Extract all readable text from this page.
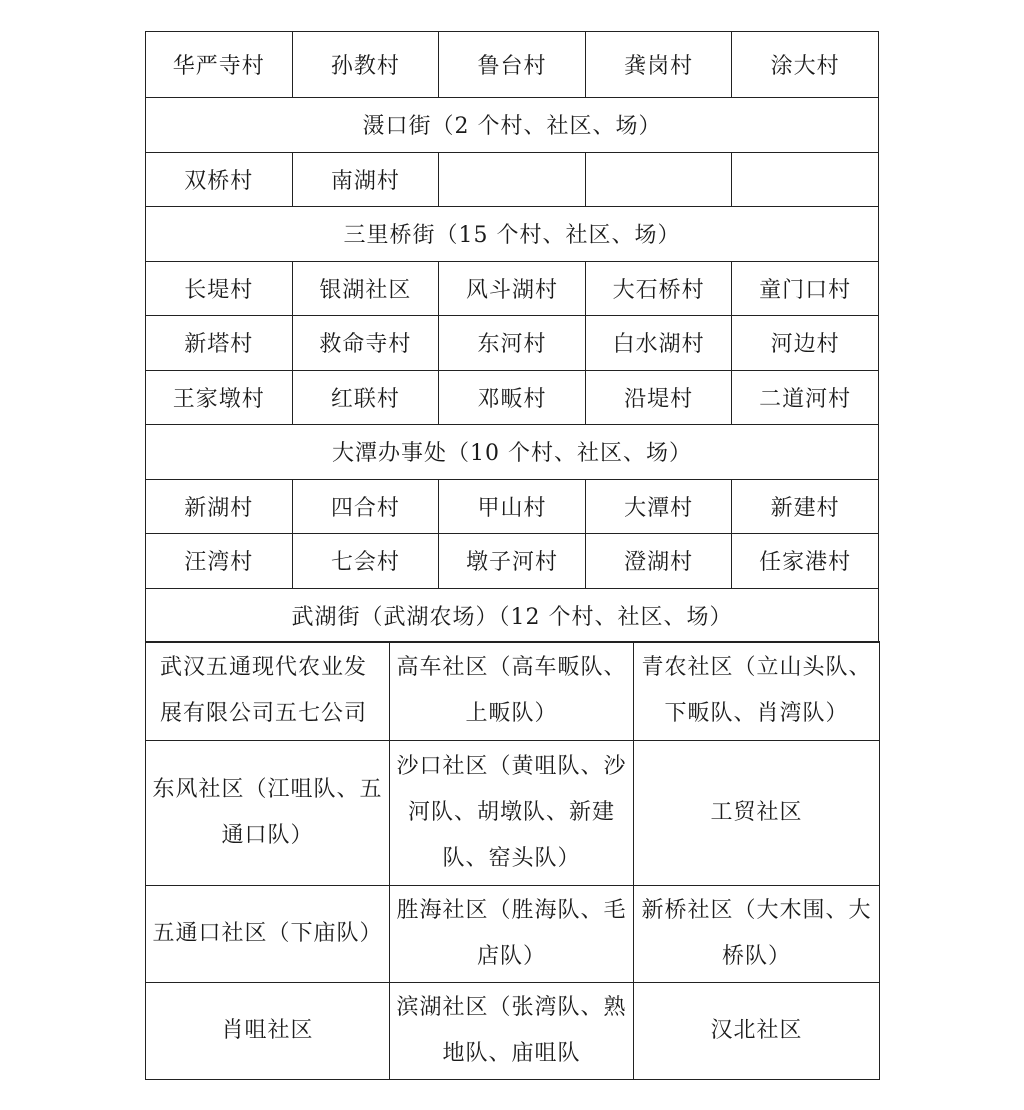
华严寺村	孙教村	鲁台村	龚岗村	涂大村
滠口街（2 个村、社区、场）				
双桥村	南湖村			
三里桥街（15 个村、社区、场）				
长堤村	银湖社区	风斗湖村	大石桥村	童门口村
新塔村	救命寺村	东河村	白水湖村	河边村
王家墩村	红联村	邓畈村	沿堤村	二道河村
大潭办事处（10 个村、社区、场）				
新湖村	四合村	甲山村	大潭村	新建村
汪湾村	七会村	墩子河村	澄湖村	任家港村
武湖街（武湖农场）（12 个村、社区、场）				
武汉五通现代农业发展有限公司五七公司	高车社区（高车畈队、上畈队）	青农社区（立山头队、下畈队、肖湾队）
东风社区（江咀队、五通口队）	沙口社区（黄咀队、沙河队、胡墩队、新建队、窑头队）	工贸社区
五通口社区（下庙队）	胜海社区（胜海队、毛店队）	新桥社区（大木围、大桥队）
肖咀社区	滨湖社区（张湾队、熟地队、庙咀队	汉北社区
